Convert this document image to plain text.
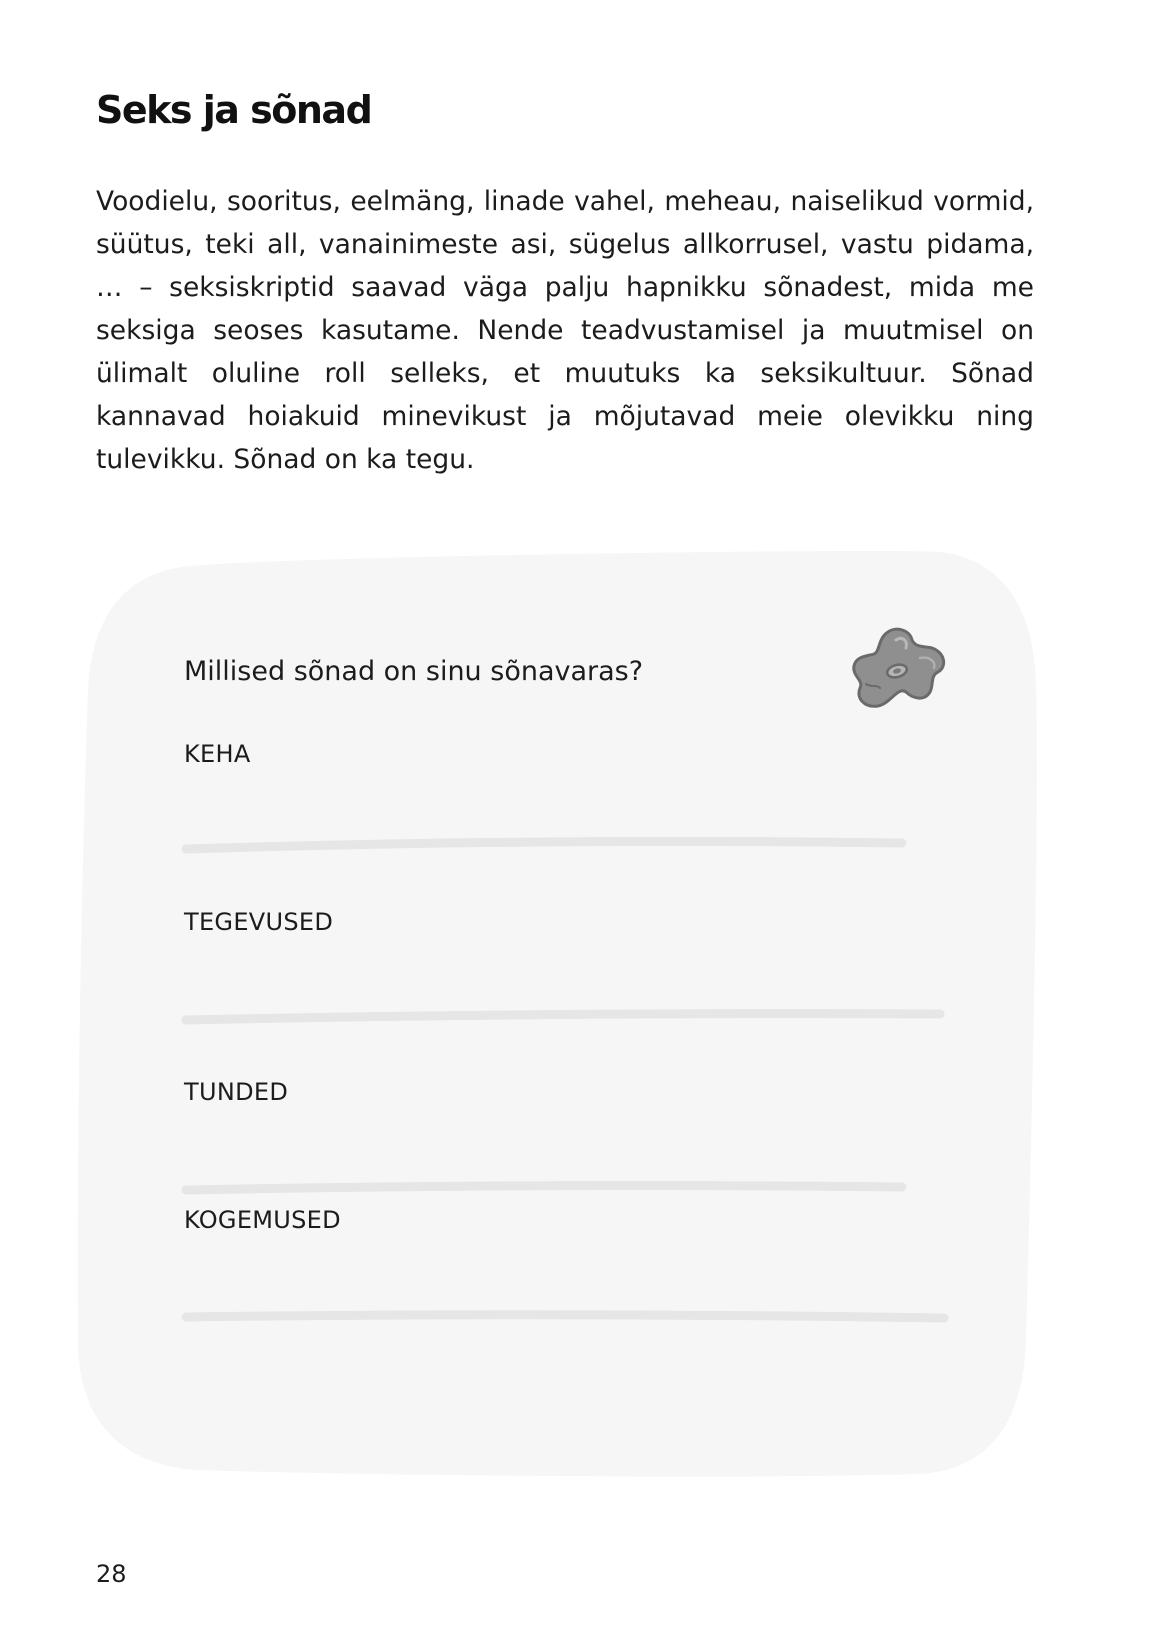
Seks ja sõnad

Voodielu, sooritus, eelmäng, linade vahel, meheau, naiselikud vormid, süütus, teki all, vanainimeste asi, sügelus allkorrusel, vastu pidama, … – seksiskriptid saavad väga palju hapnikku sõnadest, mida me seksiga seoses kasutame. Nende teadvustamisel ja muutmisel on ülimalt oluline roll selleks, et muutuks ka seksikultuur. Sõnad kannavad hoiakuid minevikust ja mõjutavad meie olevikku ning tulevikku. Sõnad on ka tegu.

Millised sõnad on sinu sõnavaras?
KEHA
TEGEVUSED
TUNDED
KOGEMUSED
28
